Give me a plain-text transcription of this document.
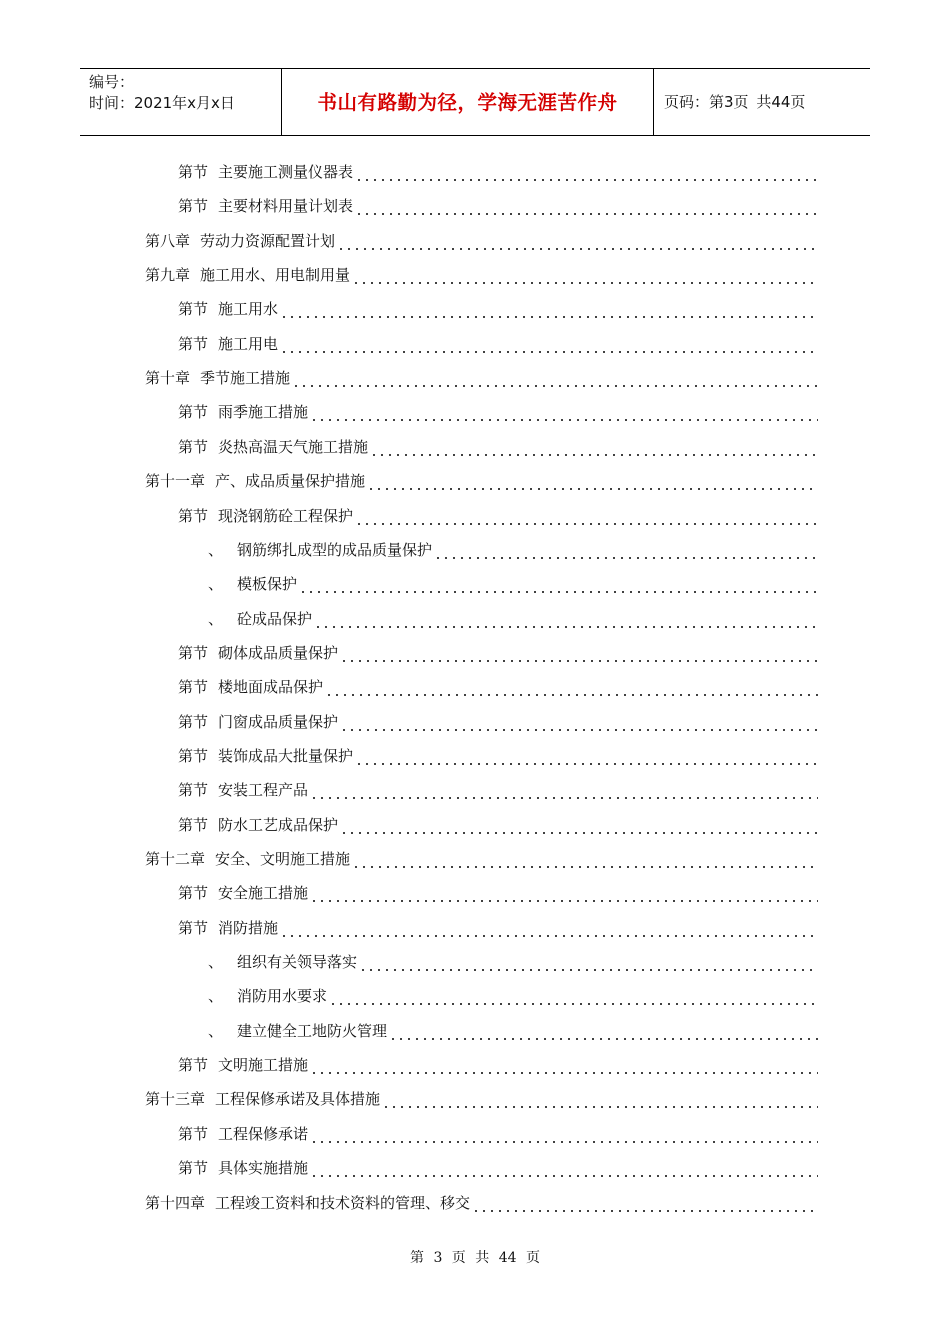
编号：
时间：2021年x月x日	书山有路勤为径，学海无涯苦作舟	页码：第3页 共44页
第节 主要施工测量仪器表
第节 主要材料用量计划表
第八章 劳动力资源配置计划
第九章 施工用水、用电制用量
第节 施工用水
第节 施工用电
第十章 季节施工措施
第节 雨季施工措施
第节 炎热高温天气施工措施
第十一章 产、成品质量保护措施
第节 现浇钢筋砼工程保护
、 钢筋绑扎成型的成品质量保护
、 模板保护
、 砼成品保护
第节 砌体成品质量保护
第节 楼地面成品保护
第节 门窗成品质量保护
第节 装饰成品大批量保护
第节 安装工程产品
第节 防水工艺成品保护
第十二章 安全、文明施工措施
第节 安全施工措施
第节 消防措施
、 组织有关领导落实
、 消防用水要求
、 建立健全工地防火管理
第节 文明施工措施
第十三章 工程保修承诺及具体措施
第节 工程保修承诺
第节 具体实施措施
第十四章 工程竣工资料和技术资料的管理、移交
第 3 页 共 44 页
